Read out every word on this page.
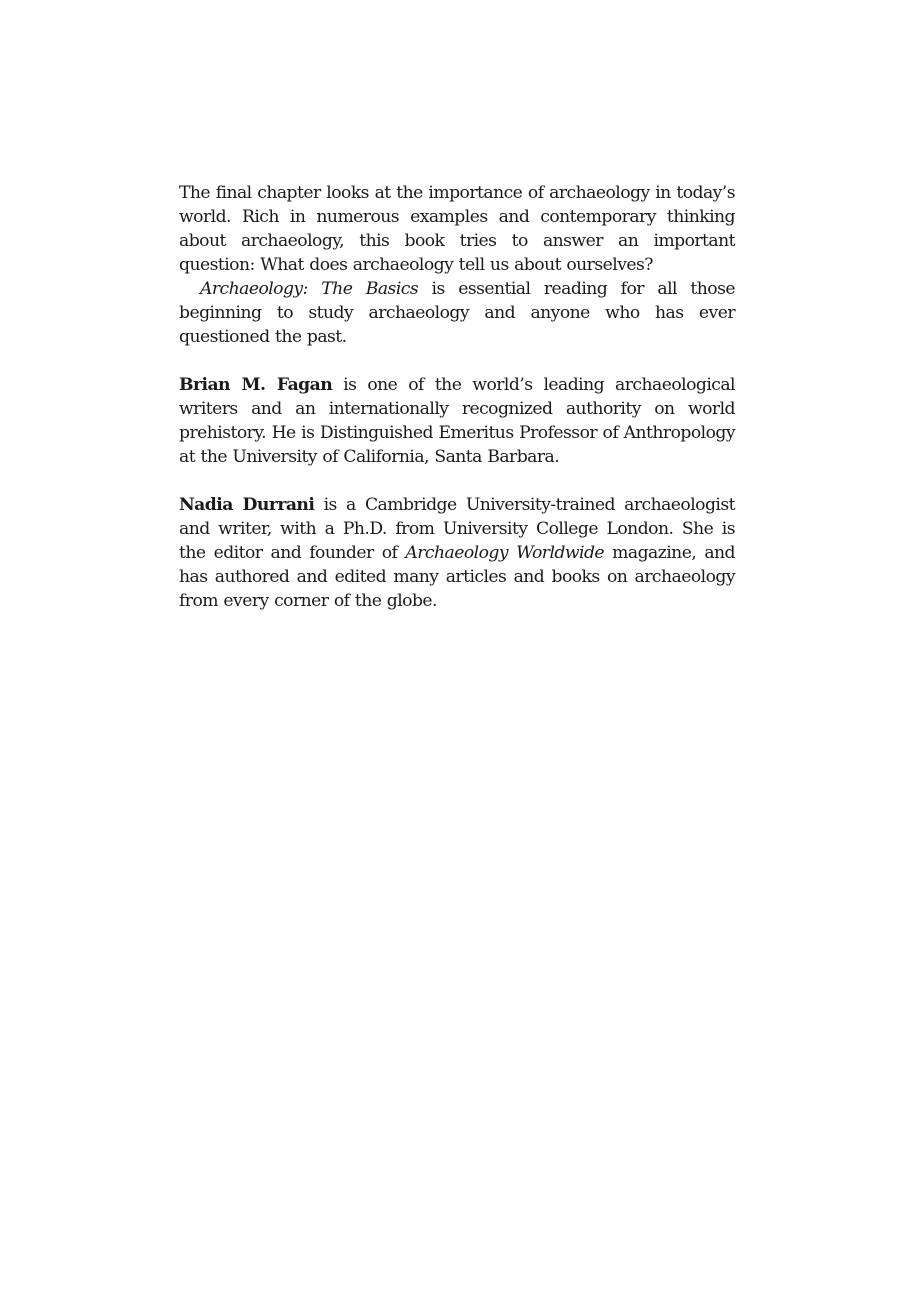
The final chapter looks at the importance of archaeology in today’s world. Rich in numerous examples and contemporary thinking about archaeology, this book tries to answer an important question: What does archaeology tell us about ourselves?

Archaeology: The Basics is essential reading for all those beginning to study archaeology and anyone who has ever questioned the past.

Brian M. Fagan is one of the world’s leading archaeological writers and an internationally recognized authority on world prehistory. He is Distinguished Emeritus Professor of Anthropology at the University of California, Santa Barbara.

Nadia Durrani is a Cambridge University-trained archaeologist and writer, with a Ph.D. from University College London. She is the editor and founder of Archaeology Worldwide magazine, and has authored and edited many articles and books on archaeology from every corner of the globe.
